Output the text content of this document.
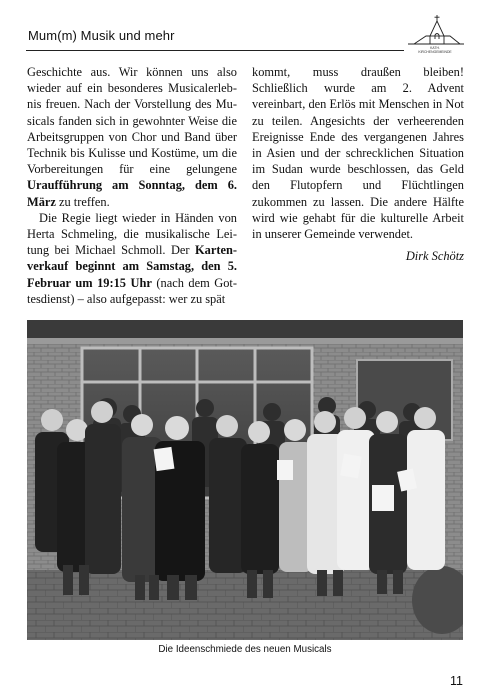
Mum(m) Musik und mehr
KATH.
KIRCHENGEMEINDE

Geschichte aus. Wir können uns also wieder auf ein besonderes Musicalerlebnis freuen. Nach der Vorstellung des Musicals fanden sich in gewohnter Weise die Arbeitsgruppen von Chor und Band über Technik bis Kulisse und Kostüme, um die Vorbereitungen für eine gelungene Uraufführung am Sonntag, dem 6. März zu treffen.

Die Regie liegt wieder in Händen von Herta Schmeling, die musikalische Leitung bei Michael Schmoll. Der Kartenverkauf beginnt am Samstag, den 5. Februar um 19:15 Uhr (nach dem Gottesdienst) – also aufgepasst: wer zu spät

kommt, muss draußen bleiben! Schließlich wurde am 2. Advent vereinbart, den Erlös mit Menschen in Not zu teilen. Angesichts der verheerenden Ereignisse Ende des vergangenen Jahres in Asien und der schrecklichen Situation im Sudan wurde beschlossen, das Geld den Flutopfern und Flüchtlingen zukommen zu lassen. Die andere Hälfte wird wie gehabt für die kulturelle Arbeit in unserer Gemeinde verwendet.

Dirk Schötz

Die Ideenschmiede des neuen Musicals
11
